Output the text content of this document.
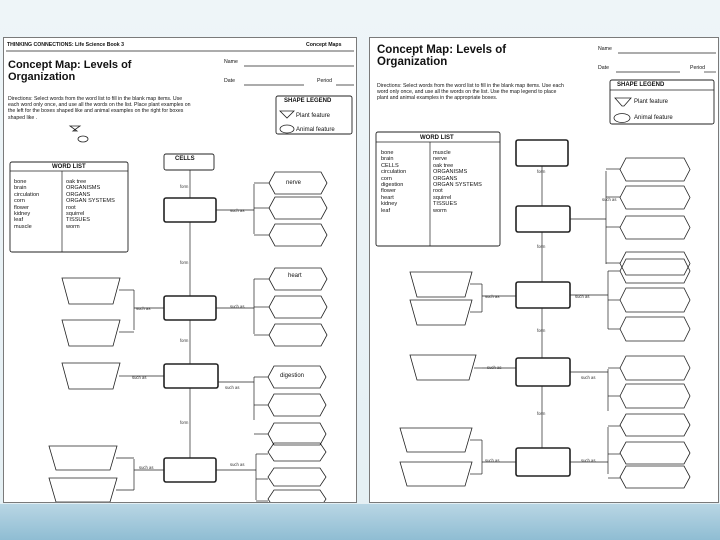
THINKING CONNECTIONS: Life Science Book 3	Concept Maps
Concept Map: Levels of Organization
Name
Date	Period
Directions: Select words from the word list to fill in the blank map items. Use each word only once, and use all the words on the list. Place plant examples on the left for the boxes shaped like and animal examples on the right for boxes shaped like .
SHAPE LEGEND
Plant feature
Animal feature
WORD LIST
bone
brain
circulation
corn
flower
kidney
leaf
muscle
oak tree
ORGANISMS
ORGANS
ORGAN SYSTEMS
root
squirrel
TISSUES
worm
CELLS
nerve
heart
digestion
form
form
form
form
such as
such as	such as
such as
such as
such as
such as
Concept Map: Levels of Organization
Name
Date	Period
Directions: Select words from the word list to fill in the blank map items. Use each word only once, and use all the words on the list. Use the map legend to place plant and animal examples in the appropriate boxes.
SHAPE LEGEND
Plant feature
Animal feature
WORD LIST
bone
brain
CELLS
circulation
corn
digestion
flower
heart
kidney
leaf
muscle
nerve
oak tree
ORGANISMS
ORGANS
ORGAN SYSTEMS
root
squirrel
TISSUES
worm
form
form
form
form
such as
such as	such as
such as
such as
such as	such as
